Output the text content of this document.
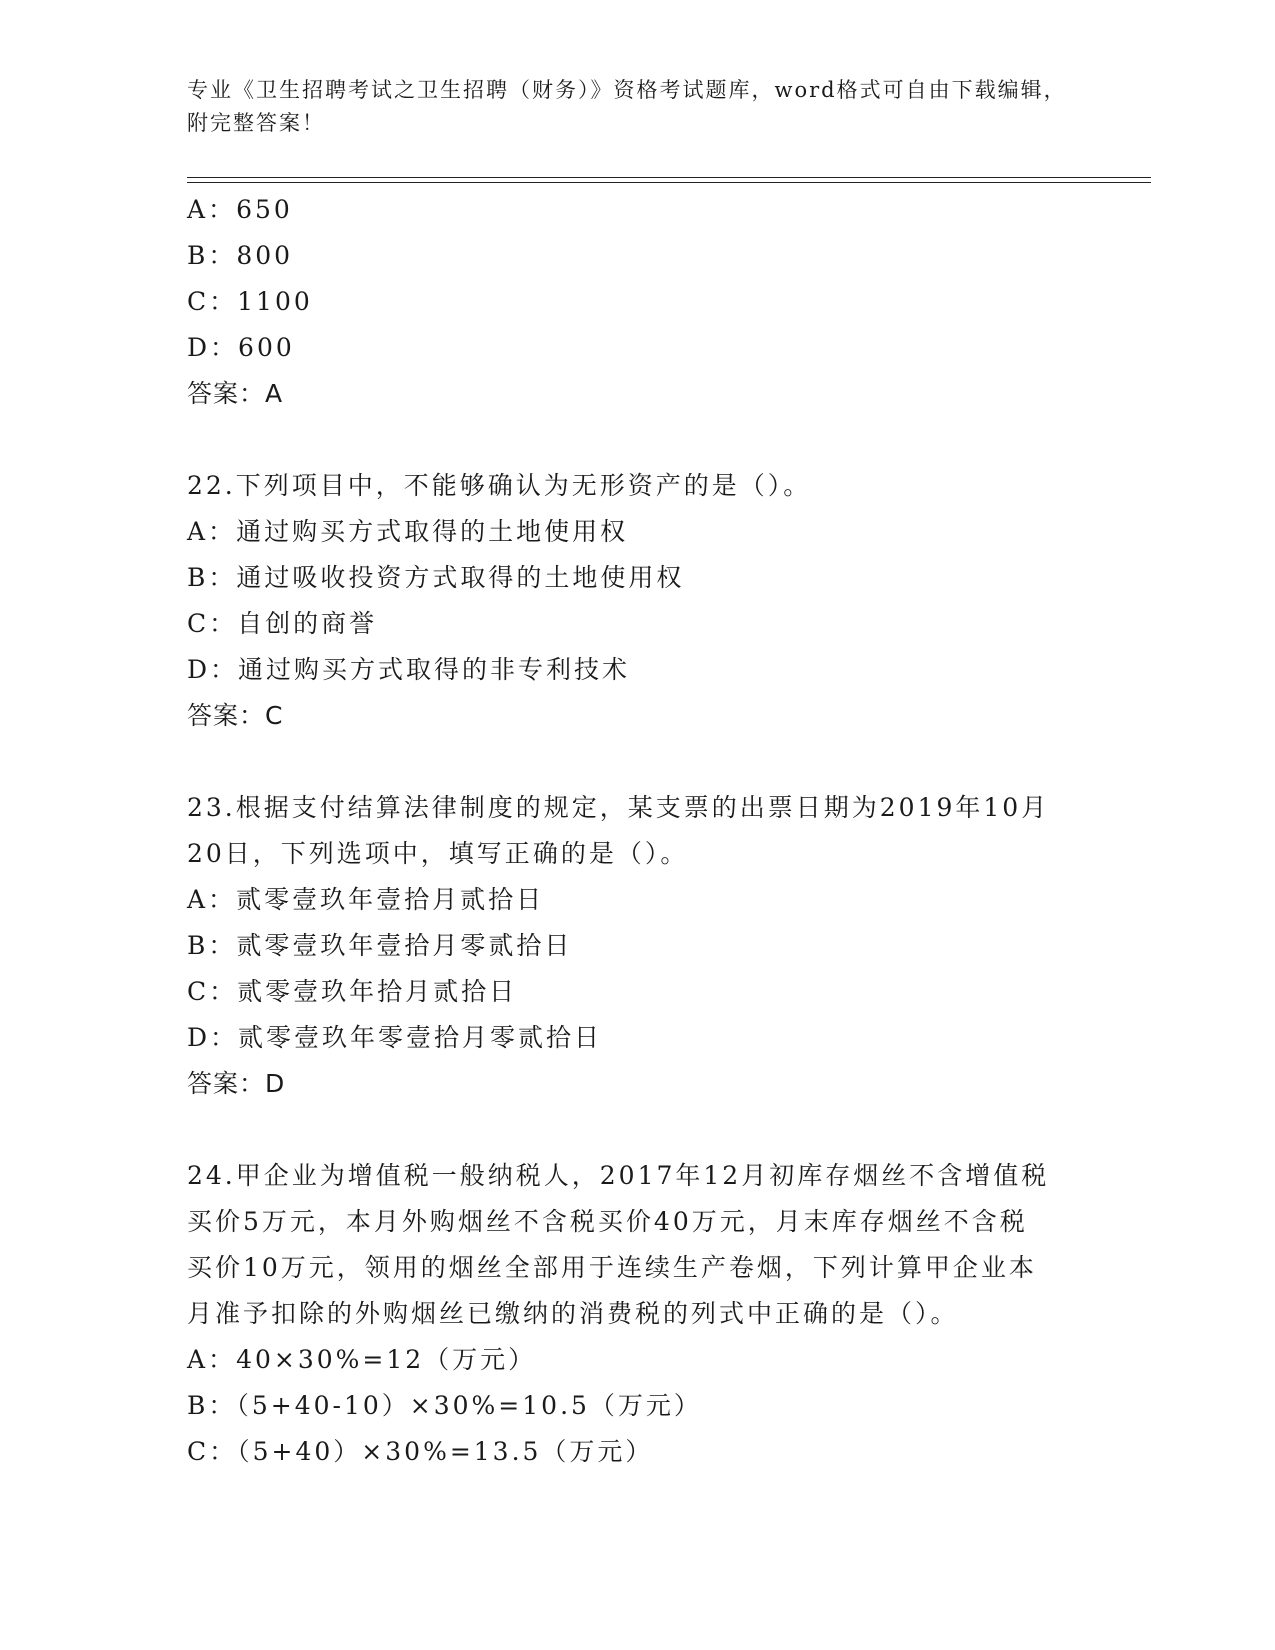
专业《卫生招聘考试之卫生招聘（财务）》资格考试题库，word格式可自由下载编辑，附完整答案！
A：650
B：800
C：1100
D：600
答案：A
22.下列项目中，不能够确认为无形资产的是（）。
A：通过购买方式取得的土地使用权
B：通过吸收投资方式取得的土地使用权
C：自创的商誉
D：通过购买方式取得的非专利技术
答案：C
23.根据支付结算法律制度的规定，某支票的出票日期为2019年10月
20日，下列选项中，填写正确的是（）。
A：贰零壹玖年壹拾月贰拾日
B：贰零壹玖年壹拾月零贰拾日
C：贰零壹玖年拾月贰拾日
D：贰零壹玖年零壹拾月零贰拾日
答案：D
24.甲企业为增值税一般纳税人，2017年12月初库存烟丝不含增值税
买价5万元，本月外购烟丝不含税买价40万元，月末库存烟丝不含税
买价10万元，领用的烟丝全部用于连续生产卷烟，下列计算甲企业本
月准予扣除的外购烟丝已缴纳的消费税的列式中正确的是（）。
A：40×30%=12（万元）
B：（5+40-10）×30%=10.5（万元）
C：（5+40）×30%=13.5（万元）
